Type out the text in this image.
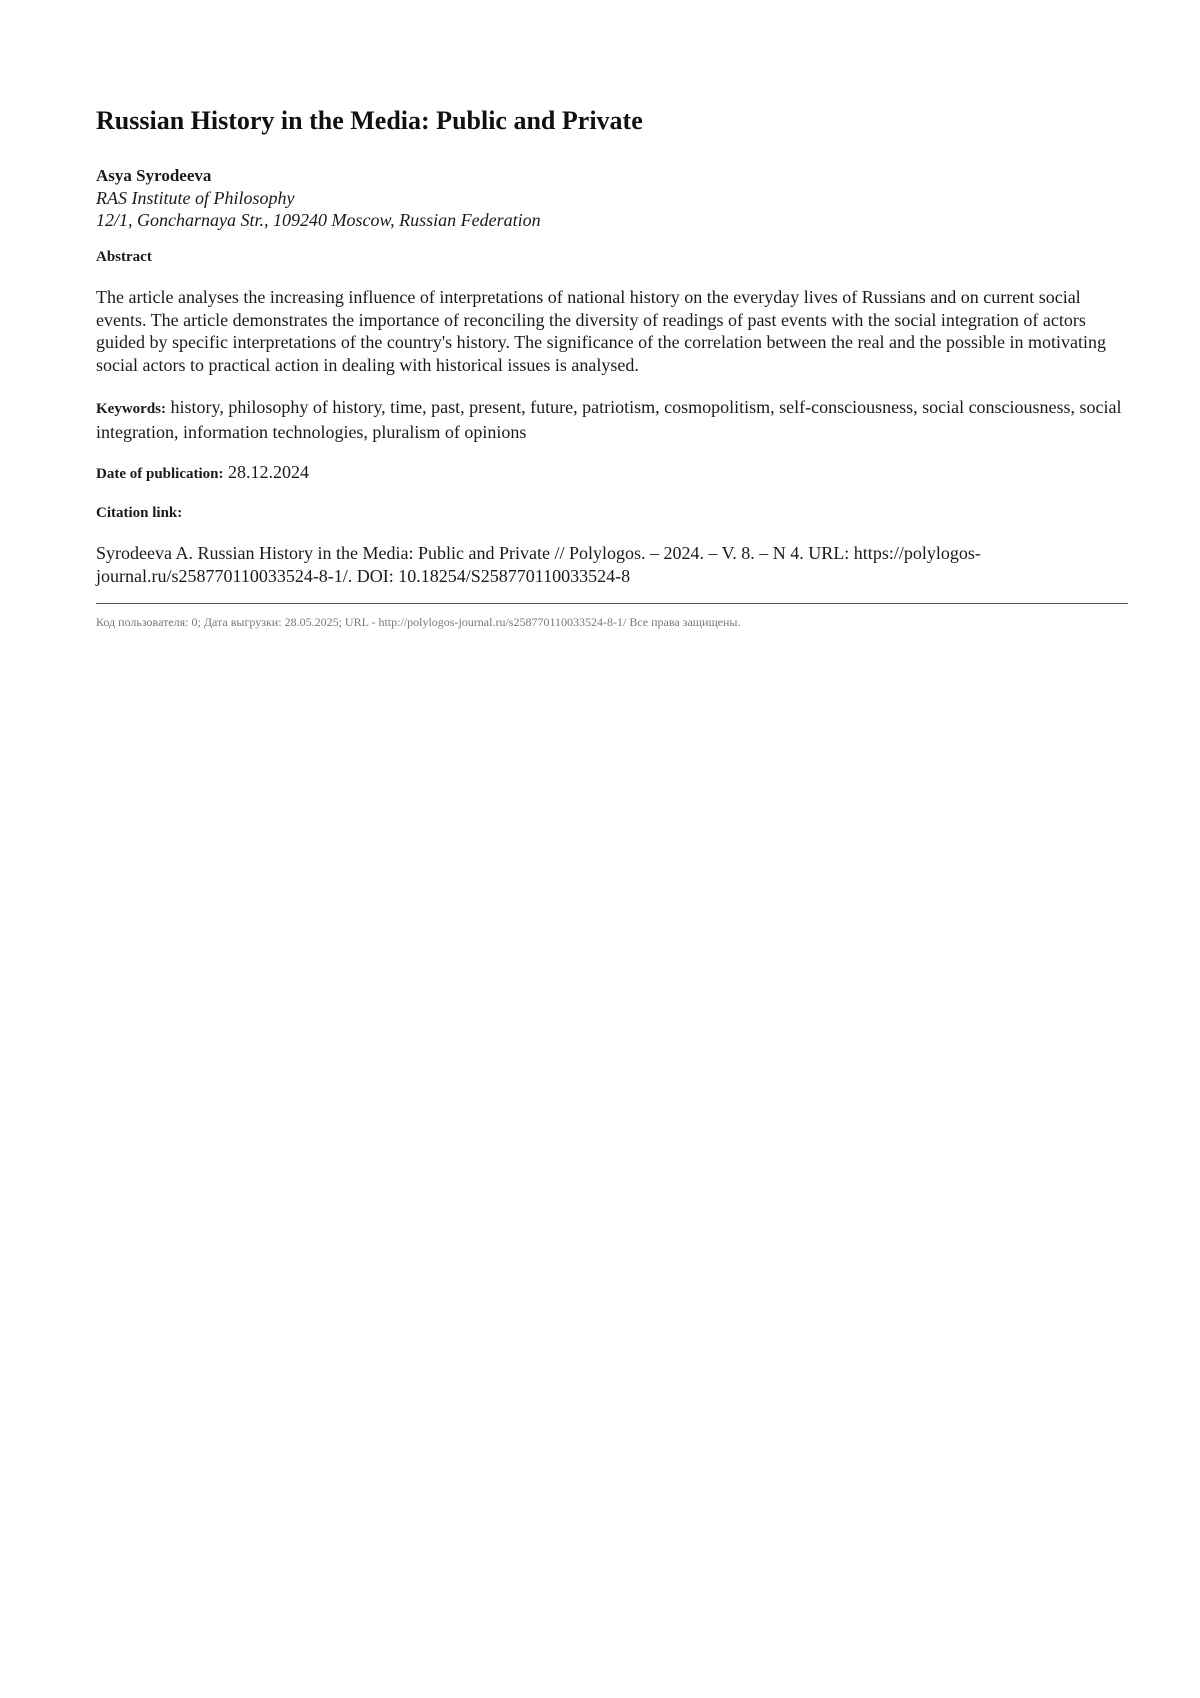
Russian History in the Media: Public and Private

Asya Syrodeeva

RAS Institute of Philosophy

12/1, Goncharnaya Str., 109240 Moscow, Russian Federation

Abstract

The article analyses the increasing influence of interpretations of national history on the everyday lives of Russians and on current social events. The article demonstrates the importance of reconciling the diversity of readings of past events with the social integration of actors guided by specific interpretations of the country's history. The significance of the correlation between the real and the possible in motivating social actors to practical action in dealing with historical issues is analysed.

Keywords: history, philosophy of history, time, past, present, future, patriotism, cosmopolitism, self-consciousness, social consciousness, social integration, information technologies, pluralism of opinions

Date of publication: 28.12.2024

Citation link:

Syrodeeva A. Russian History in the Media: Public and Private // Polylogos. – 2024. – V. 8. – N 4. URL: https://polylogos-journal.ru/s258770110033524-8-1/. DOI: 10.18254/S258770110033524-8

Код пользователя: 0; Дата выгрузки: 28.05.2025; URL - http://polylogos-journal.ru/s258770110033524-8-1/ Все права защищены.
